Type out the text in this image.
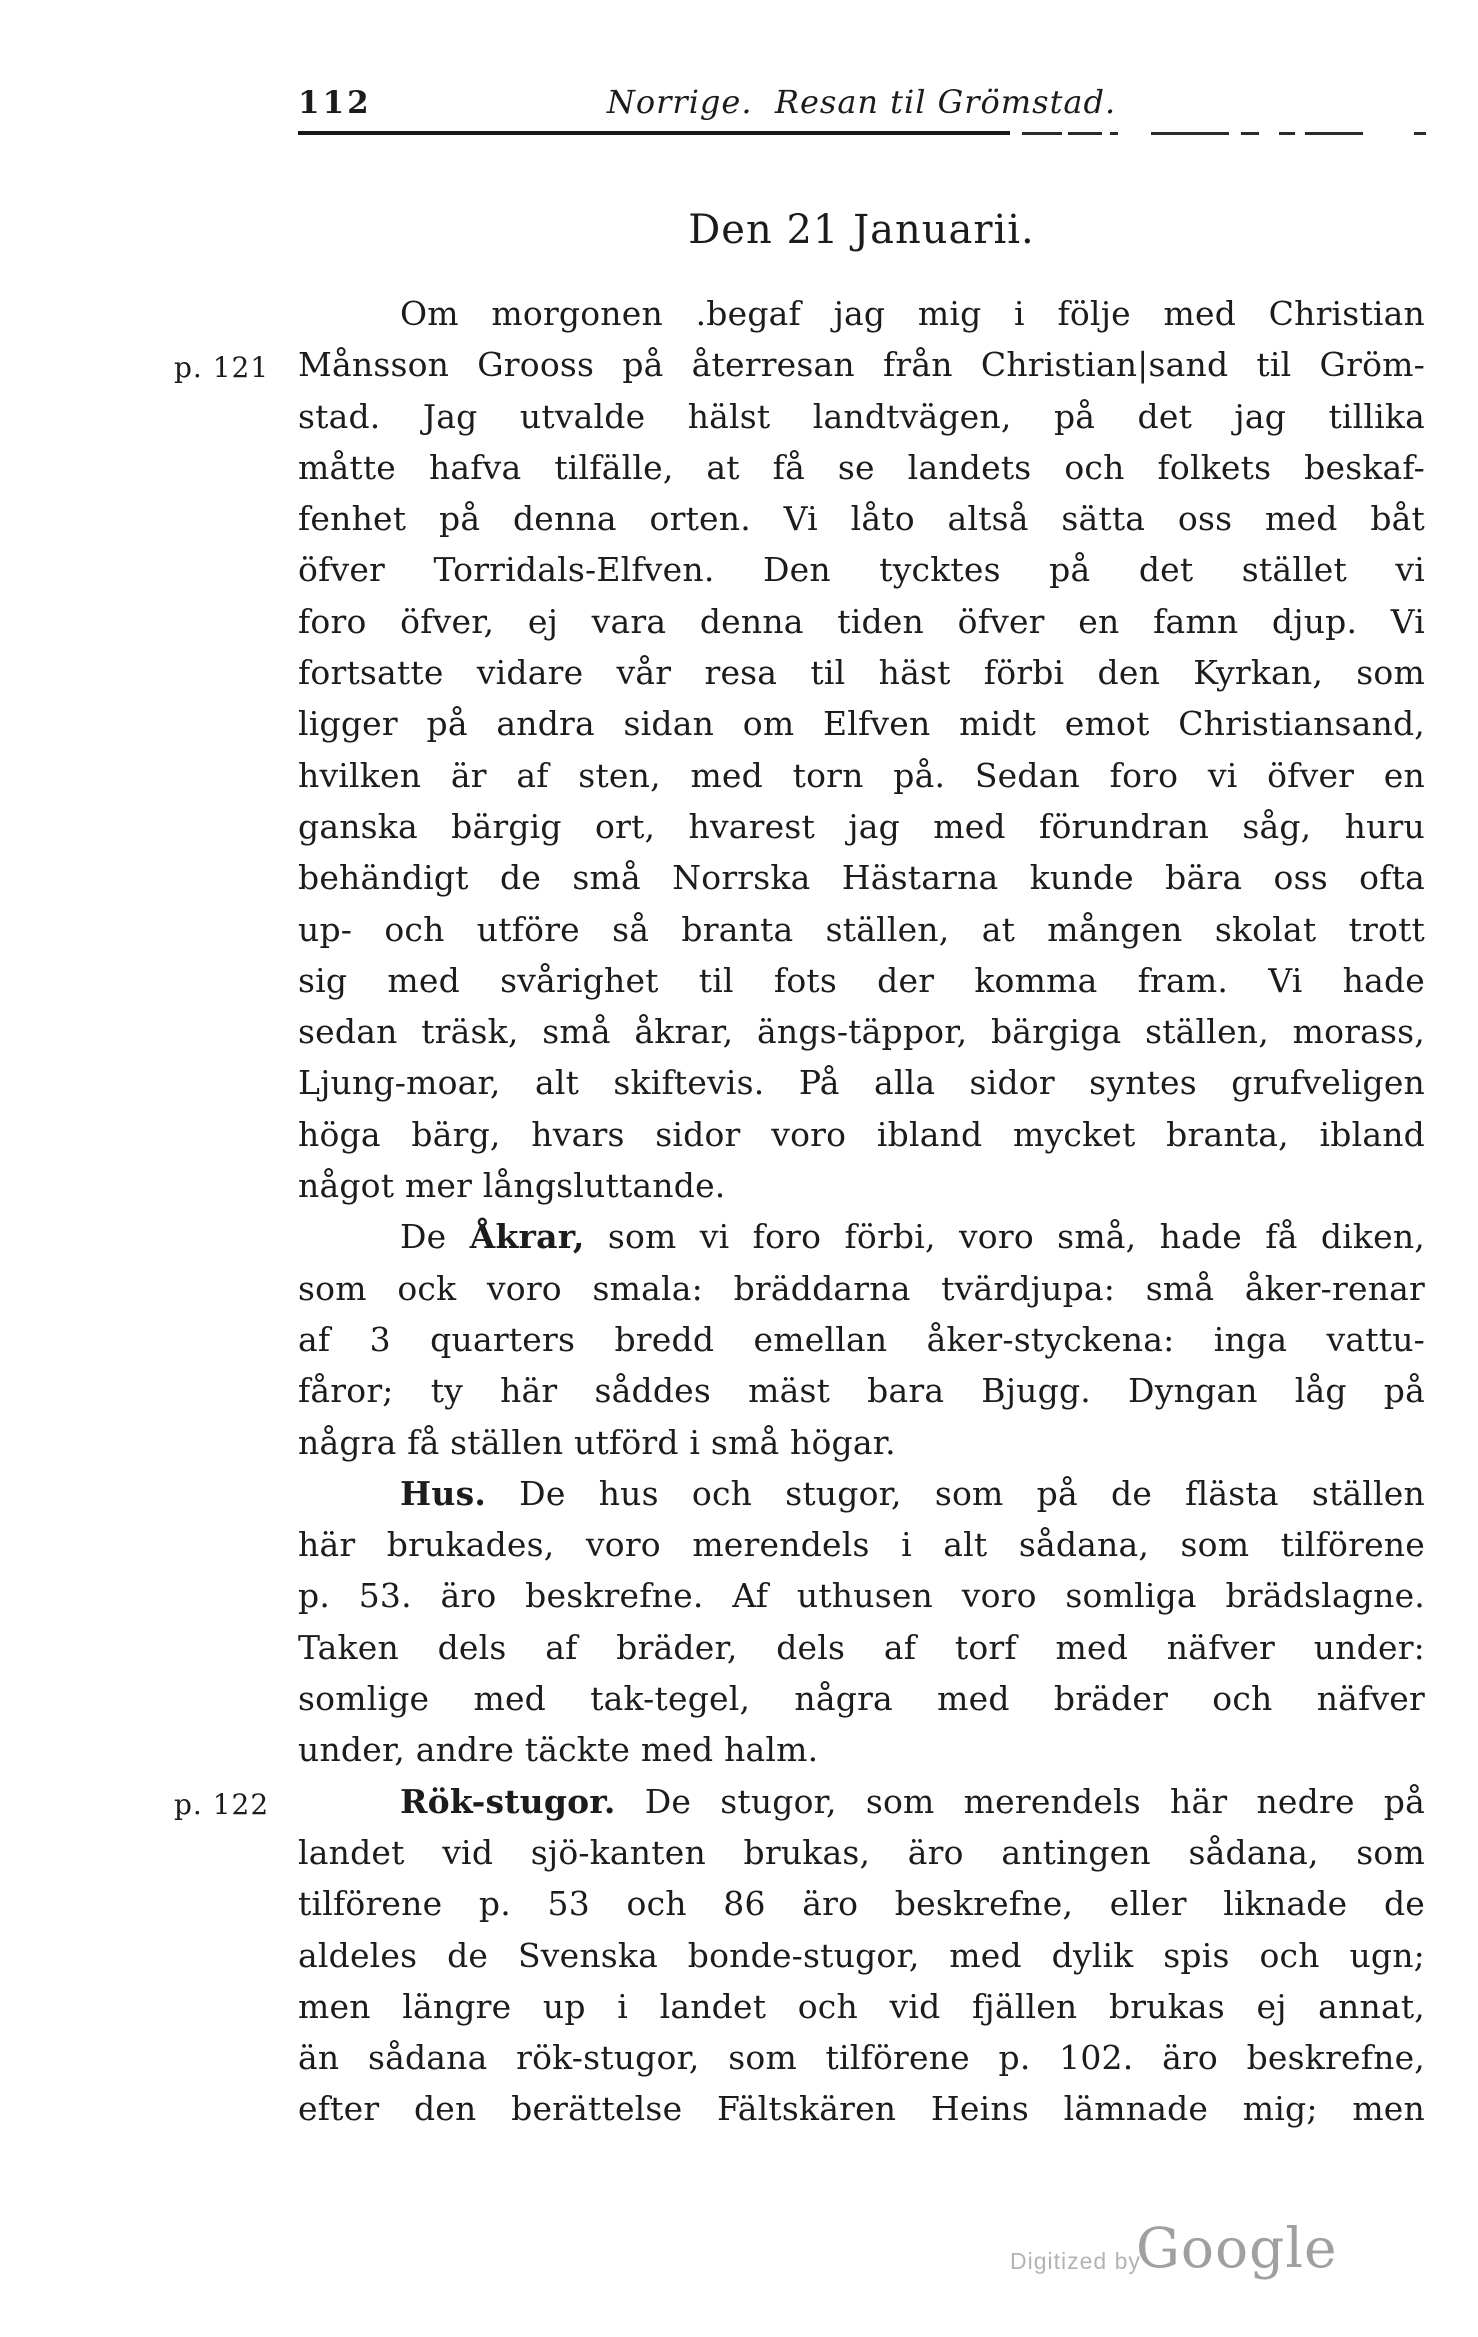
112	Norrige.  Resan til Grömstad.
Den 21 Januarii.
Om morgonen .begaf jag mig i följe med Christian
p. 121 Månsson Grooss på återresan från Christian|sand til Gröm-
stad. Jag utvalde hälst landtvägen, på det jag tillika
måtte hafva tilfälle, at få se landets och folkets beskaf-
fenhet på denna orten. Vi låto altså sätta oss med båt
öfver Torridals-Elfven. Den tycktes på det stället vi
foro öfver, ej vara denna tiden öfver en famn djup. Vi
fortsatte vidare vår resa til häst förbi den Kyrkan, som
ligger på andra sidan om Elfven midt emot Christiansand,
hvilken är af sten, med torn på. Sedan foro vi öfver en
ganska bärgig ort, hvarest jag med förundran såg, huru
behändigt de små Norrska Hästarna kunde bära oss ofta
up- och utföre så branta ställen, at mången skolat trott
sig med svårighet til fots der komma fram. Vi hade
sedan träsk, små åkrar, ängs-täppor, bärgiga ställen, morass,
Ljung-moar, alt skiftevis. På alla sidor syntes grufveligen
höga bärg, hvars sidor voro ibland mycket branta, ibland
något mer långsluttande.
De Åkrar, som vi foro förbi, voro små, hade få diken,
som ock voro smala: bräddarna tvärdjupa: små åker-renar
af 3 quarters bredd emellan åker-styckena: inga vattu-
fåror; ty här såddes mäst bara Bjugg. Dyngan låg på
några få ställen utförd i små högar.
Hus. De hus och stugor, som på de flästa ställen
här brukades, voro merendels i alt sådana, som tilförene
p. 53. äro beskrefne. Af uthusen voro somliga brädslagne.
Taken dels af bräder, dels af torf med näfver under:
somlige med tak-tegel, några med bräder och näfver
under, andre täckte med halm.
p. 122	Rök-stugor. De stugor, som merendels här nedre på
landet vid sjö-kanten brukas, äro antingen sådana, som
tilförene p. 53 och 86 äro beskrefne, eller liknade de
aldeles de Svenska bonde-stugor, med dylik spis och ugn;
men längre up i landet och vid fjällen brukas ej annat,
än sådana rök-stugor, som tilförene p. 102. äro beskrefne,
efter den berättelse Fältskären Heins lämnade mig; men
Digitized by
Google
